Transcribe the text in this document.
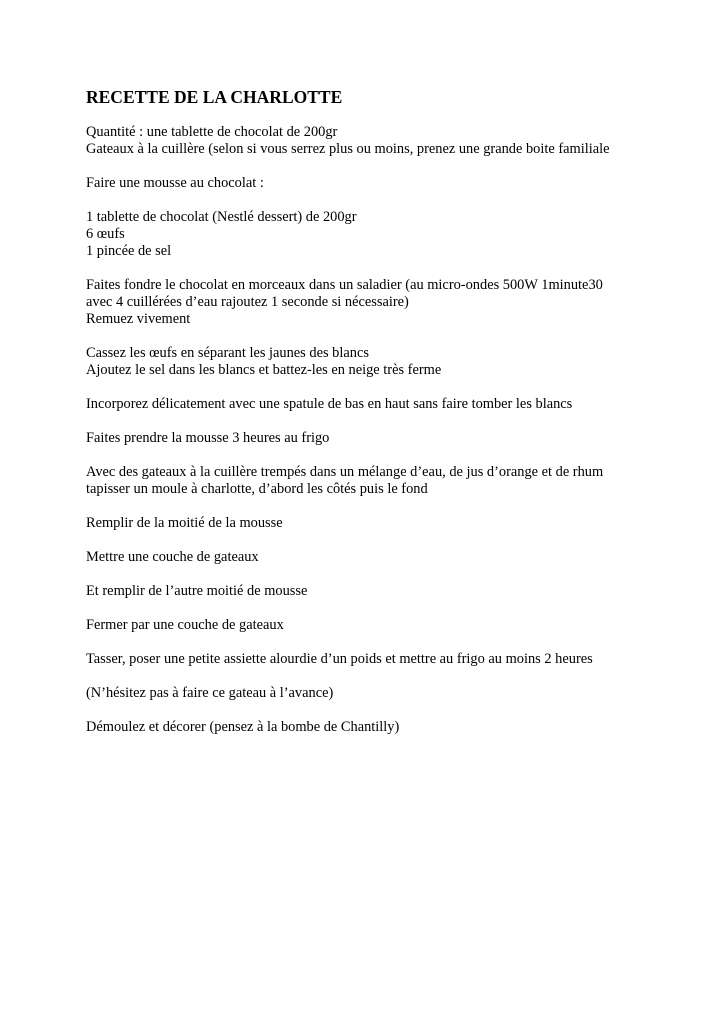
RECETTE DE LA CHARLOTTE
Quantité : une tablette de chocolat de 200gr
Gateaux à la cuillère (selon si vous serrez plus ou moins, prenez une grande boite familiale
Faire une mousse au chocolat :
1 tablette de chocolat (Nestlé dessert) de 200gr
6 œufs
1 pincée de sel
Faites fondre le chocolat en morceaux dans un saladier (au micro-ondes 500W 1minute30
avec 4 cuillérées d’eau rajoutez 1 seconde si nécessaire)
Remuez vivement
Cassez les œufs en séparant les jaunes des blancs
Ajoutez le sel dans les blancs et battez-les en neige très ferme
Incorporez délicatement avec une spatule de bas en haut sans faire tomber les blancs
Faites prendre la mousse 3 heures au frigo
Avec des gateaux à la cuillère trempés dans un mélange d’eau, de jus d’orange et de rhum
tapisser un moule à charlotte, d’abord les côtés puis le fond
Remplir de la moitié de la mousse
Mettre une couche de gateaux
Et remplir de l’autre moitié de mousse
Fermer par une couche de gateaux
Tasser, poser une petite assiette alourdie d’un poids et mettre au frigo au moins 2 heures
(N’hésitez pas à faire ce gateau à l’avance)
Démoulez et décorer (pensez à la bombe de Chantilly)
